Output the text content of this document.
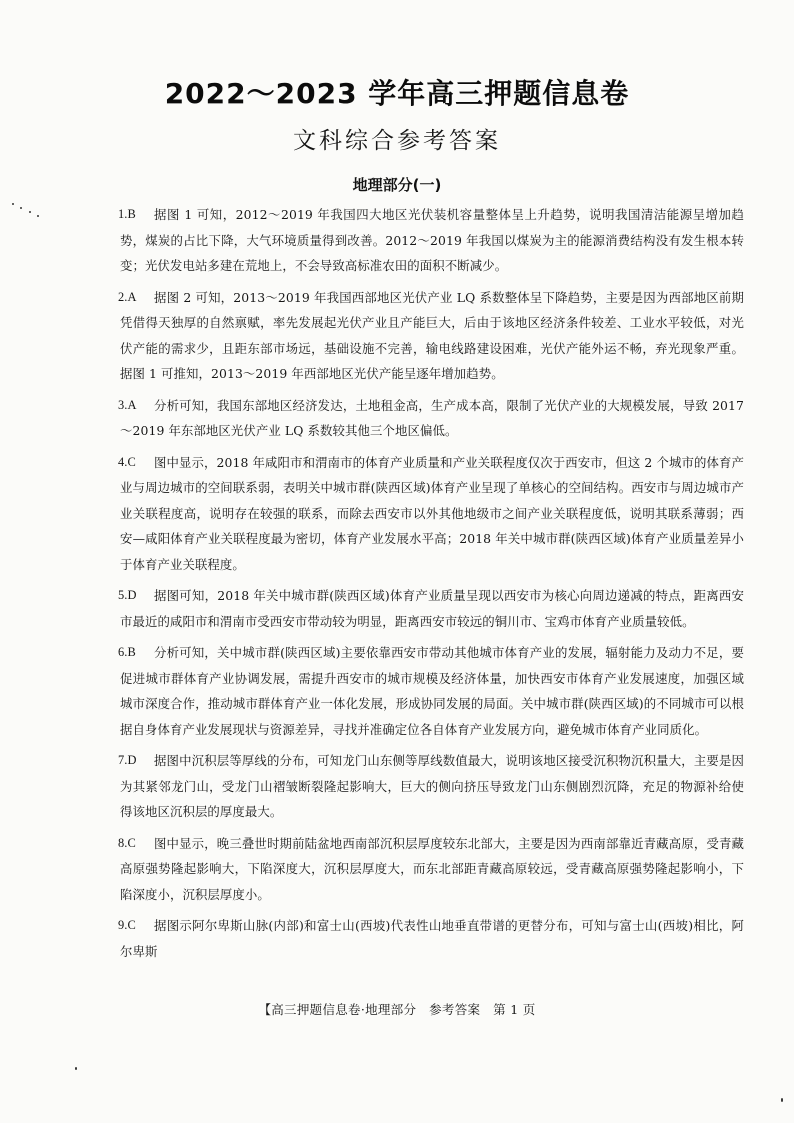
2022～2023 学年高三押题信息卷
文科综合参考答案
地理部分(一)
1.B	据图 1 可知，2012～2019 年我国四大地区光伏装机容量整体呈上升趋势，说明我国清洁能源呈增加趋势，煤炭的占比下降，大气环境质量得到改善。2012～2019 年我国以煤炭为主的能源消费结构没有发生根本转变；光伏发电站多建在荒地上，不会导致高标准农田的面积不断减少。
2.A	据图 2 可知，2013～2019 年我国西部地区光伏产业 LQ 系数整体呈下降趋势，主要是因为西部地区前期凭借得天独厚的自然禀赋，率先发展起光伏产业且产能巨大，后由于该地区经济条件较差、工业水平较低，对光伏产能的需求少，且距东部市场远，基础设施不完善，输电线路建设困难，光伏产能外运不畅，弃光现象严重。据图 1 可推知，2013～2019 年西部地区光伏产能呈逐年增加趋势。
3.A	分析可知，我国东部地区经济发达，土地租金高，生产成本高，限制了光伏产业的大规模发展，导致 2017～2019 年东部地区光伏产业 LQ 系数较其他三个地区偏低。
4.C	图中显示，2018 年咸阳市和渭南市的体育产业质量和产业关联程度仅次于西安市，但这 2 个城市的体育产业与周边城市的空间联系弱，表明关中城市群(陕西区域)体育产业呈现了单核心的空间结构。西安市与周边城市产业关联程度高，说明存在较强的联系，而除去西安市以外其他地级市之间产业关联程度低，说明其联系薄弱；西安—咸阳体育产业关联程度最为密切，体育产业发展水平高；2018 年关中城市群(陕西区域)体育产业质量差异小于体育产业关联程度。
5.D	据图可知，2018 年关中城市群(陕西区域)体育产业质量呈现以西安市为核心向周边递减的特点，距离西安市最近的咸阳市和渭南市受西安市带动较为明显，距离西安市较远的铜川市、宝鸡市体育产业质量较低。
6.B	分析可知，关中城市群(陕西区域)主要依靠西安市带动其他城市体育产业的发展，辐射能力及动力不足，要促进城市群体育产业协调发展，需提升西安市的城市规模及经济体量，加快西安市体育产业发展速度，加强区域城市深度合作，推动城市群体育产业一体化发展，形成协同发展的局面。关中城市群(陕西区域)的不同城市可以根据自身体育产业发展现状与资源差异，寻找并准确定位各自体育产业发展方向，避免城市体育产业同质化。
7.D	据图中沉积层等厚线的分布，可知龙门山东侧等厚线数值最大，说明该地区接受沉积物沉积量大，主要是因为其紧邻龙门山，受龙门山褶皱断裂隆起影响大，巨大的侧向挤压导致龙门山东侧剧烈沉降，充足的物源补给使得该地区沉积层的厚度最大。
8.C	图中显示，晚三叠世时期前陆盆地西南部沉积层厚度较东北部大，主要是因为西南部靠近青藏高原，受青藏高原强势隆起影响大，下陷深度大，沉积层厚度大，而东北部距青藏高原较远，受青藏高原强势隆起影响小，下陷深度小，沉积层厚度小。
9.C	据图示阿尔卑斯山脉(内部)和富士山(西坡)代表性山地垂直带谱的更替分布，可知与富士山(西坡)相比，阿尔卑斯
【高三押题信息卷·地理部分　参考答案　第 1 页
